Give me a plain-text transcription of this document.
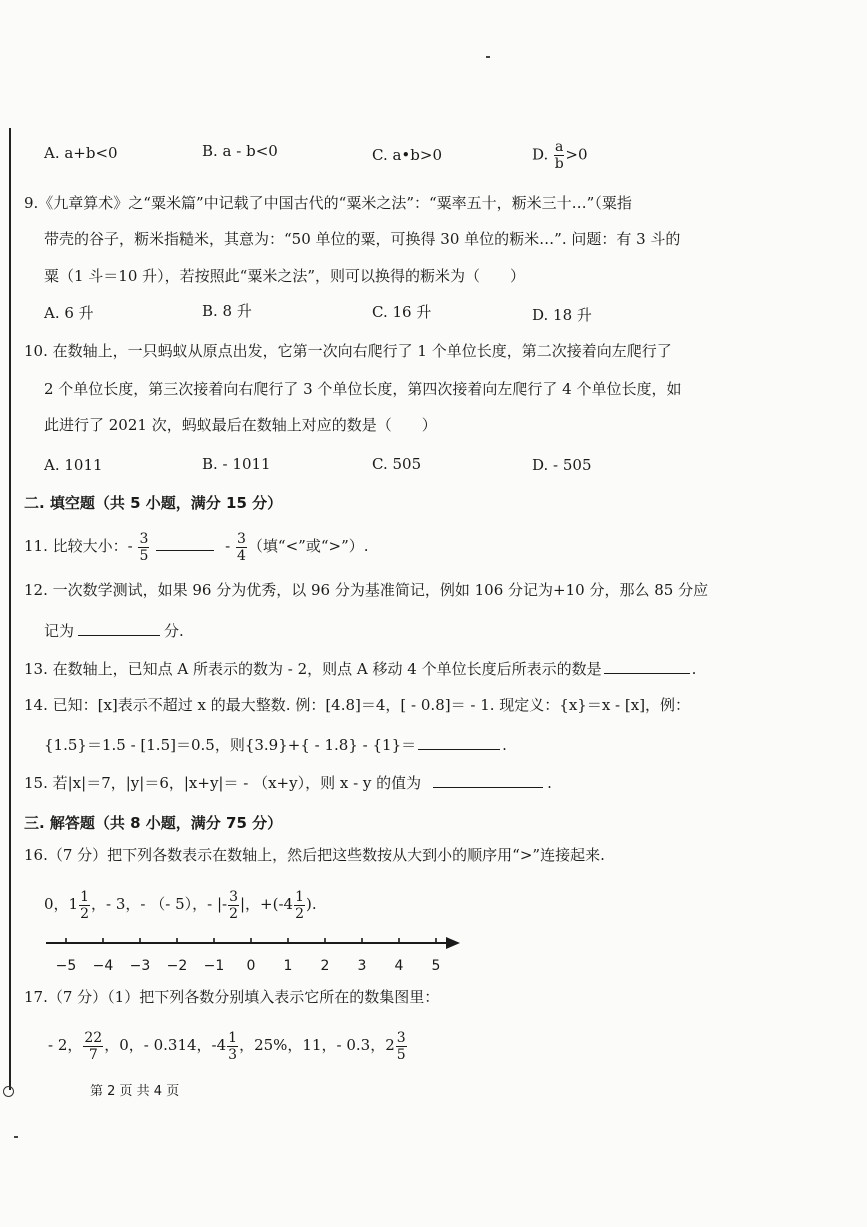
A. a+b<0	B. a - b<0	C. a•b>0	D. $\frac{a}{b} >0$
9.《九章算术》之“粟米篇”中记载了中国古代的“粟米之法”：“粟率五十，粝米三十…”（粟指
带壳的谷子，粝米指糙米，其意为：“50 单位的粟，可换得 30 单位的粝米…”. 问题：有 3 斗的
粟（1 斗＝10 升），若按照此“粟米之法”，则可以换得的粝米为（　　）
A. 6 升	B. 8 升	C. 16 升	D. 18 升
10. 在数轴上，一只蚂蚁从原点出发，它第一次向右爬行了 1 个单位长度，第二次接着向左爬行了
2 个单位长度，第三次接着向右爬行了 3 个单位长度，第四次接着向左爬行了 4 个单位长度，如
此进行了 2021 次，蚂蚁最后在数轴上对应的数是（　　）
A. 1011	B. - 1011	C. 505	D. - 505
二. 填空题（共 5 小题，满分 15 分）
11. 比较大小：- $\frac{3}{5}$	- $\frac{3}{4}$ （填“<”或“>”）.
12. 一次数学测试，如果 96 分为优秀，以 96 分为基准简记，例如 106 分记为+10 分，那么 85 分应
记为	分.
13. 在数轴上，已知点 A 所表示的数为 - 2，则点 A 移动 4 个单位长度后所表示的数是	.
14. 已知：[x]表示不超过 x 的最大整数. 例：[4.8]＝4，[ - 0.8]＝ - 1. 现定义：{x}＝x - [x]，例：
{1.5}＝1.5 - [1.5]＝0.5，则{3.9}+{ - 1.8} - {1}＝	.
15. 若|x|＝7，|y|＝6，|x+y|＝ - （x+y），则 x - y 的值为	.
三. 解答题（共 8 小题，满分 75 分）
16.（7 分）把下列各数表示在数轴上，然后把这些数按从大到小的顺序用“>”连接起来.
0，$1 \frac{1}{2}$ ，- 3，- （- 5），- |- $\frac{3}{2}$ |，$+(-4 \frac{1}{2}$ ).
−5 −4 −3 −2 −1 0 1 2 3 4 5
17.（7 分）（1）把下列各数分别填入表示它所在的数集图里：
- 2， $\frac{22}{7}$ ，0，- 0.314，$-4 \frac{1}{3}$ ，25%，11，- 0.3，$2 \frac{3}{5}$
第 2 页 共 4 页
